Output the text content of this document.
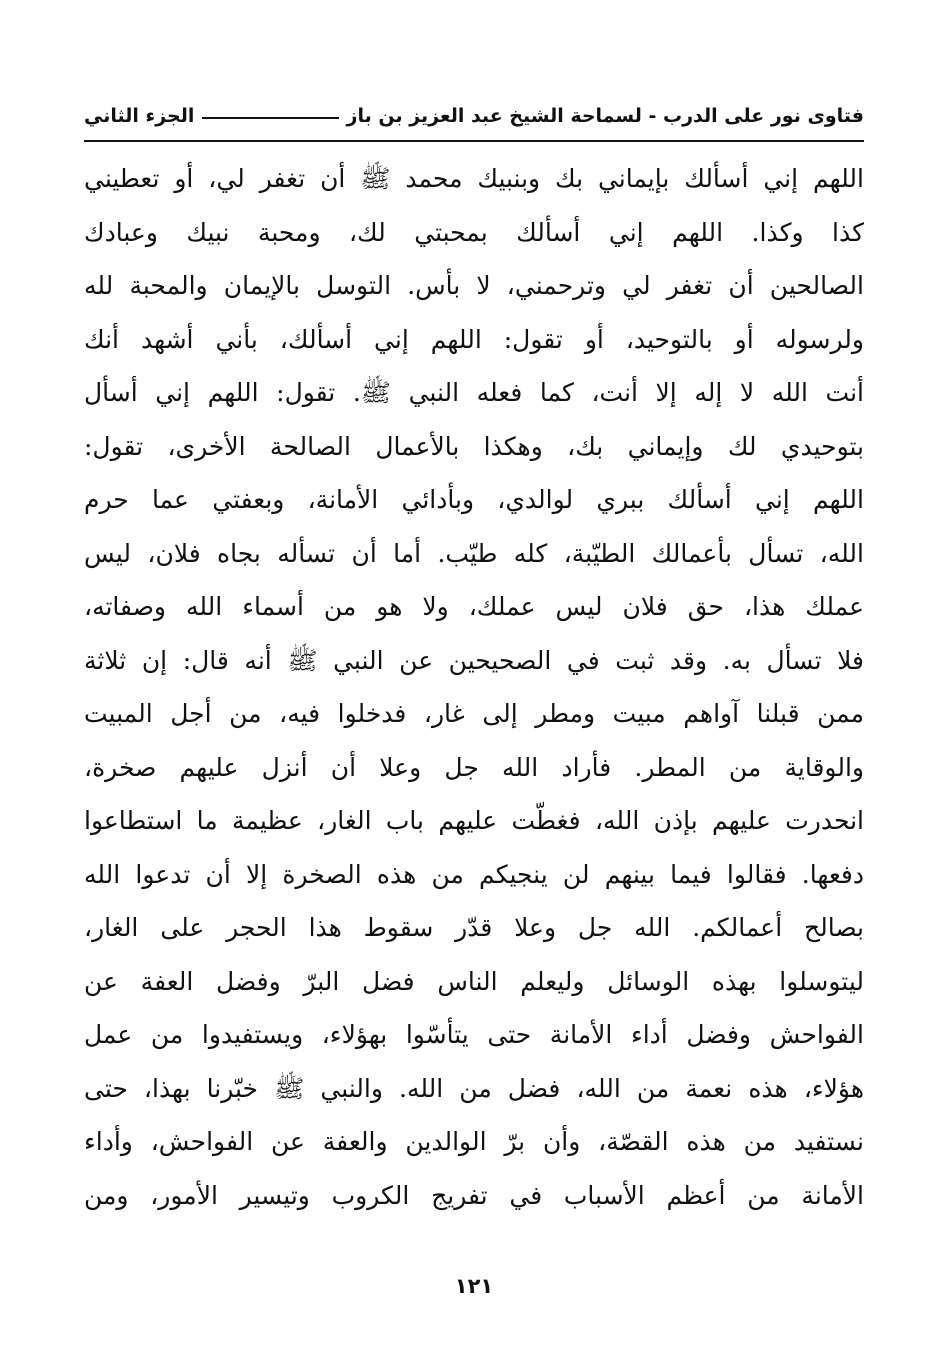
فتاوى نور على الدرب - لسماحة الشيخ عبد العزيز بن باز
الجزء الثاني
اللهم إني أسألك بإيماني بك وبنبيك محمد ﷺ أن تغفر لي، أو تعطيني
كذا وكذا. اللهم إني أسألك بمحبتي لك، ومحبة نبيك وعبادك
الصالحين أن تغفر لي وترحمني، لا بأس. التوسل بالإيمان والمحبة لله
ولرسوله أو بالتوحيد، أو تقول: اللهم إني أسألك، بأني أشهد أنك
أنت الله لا إله إلا أنت، كما فعله النبي ﷺ. تقول: اللهم إني أسأل
بتوحيدي لك وإيماني بك، وهكذا بالأعمال الصالحة الأخرى، تقول:
اللهم إني أسألك ببري لوالدي، وبأدائي الأمانة، وبعفتي عما حرم
الله، تسأل بأعمالك الطيّبة، كله طيّب. أما أن تسأله بجاه فلان، ليس
عملك هذا، حق فلان ليس عملك، ولا هو من أسماء الله وصفاته،
فلا تسأل به. وقد ثبت في الصحيحين عن النبي ﷺ أنه قال: إن ثلاثة
ممن قبلنا آواهم مبيت ومطر إلى غار، فدخلوا فيه، من أجل المبيت
والوقاية من المطر. فأراد الله جل وعلا أن أنزل عليهم صخرة،
انحدرت عليهم بإذن الله، فغطّت عليهم باب الغار، عظيمة ما استطاعوا
دفعها. فقالوا فيما بينهم لن ينجيكم من هذه الصخرة إلا أن تدعوا الله
بصالح أعمالكم. الله جل وعلا قدّر سقوط هذا الحجر على الغار،
ليتوسلوا بهذه الوسائل وليعلم الناس فضل البرّ وفضل العفة عن
الفواحش وفضل أداء الأمانة حتى يتأسّوا بهؤلاء، ويستفيدوا من عمل
هؤلاء، هذه نعمة من الله، فضل من الله. والنبي ﷺ خبّرنا بهذا، حتى
نستفيد من هذه القصّة، وأن برّ الوالدين والعفة عن الفواحش، وأداء
الأمانة من أعظم الأسباب في تفريج الكروب وتيسير الأمور، ومن
١٢١
